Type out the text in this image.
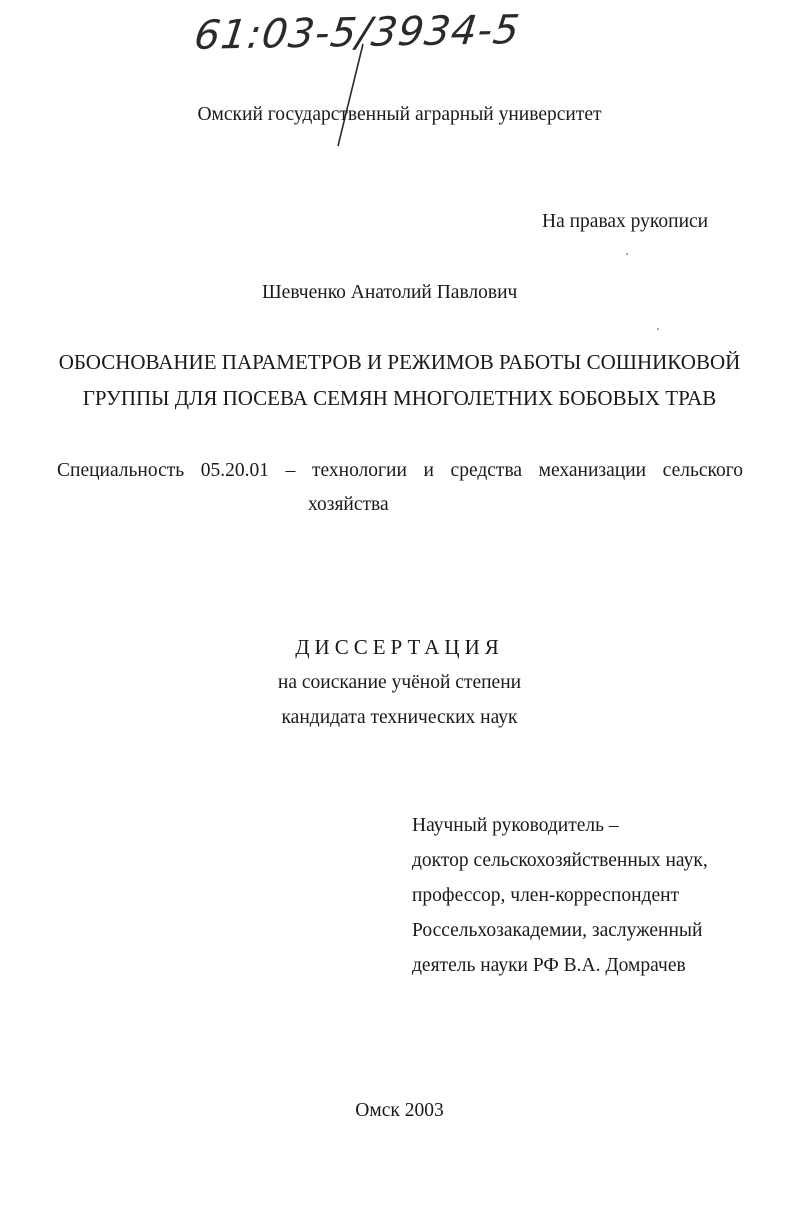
61:03-5/3934-5
Омский государственный аграрный университет
На правах рукописи
Шевченко Анатолий Павлович
ОБОСНОВАНИЕ ПАРАМЕТРОВ И РЕЖИМОВ РАБОТЫ СОШНИКОВОЙ
ГРУППЫ ДЛЯ ПОСЕВА СЕМЯН МНОГОЛЕТНИХ БОБОВЫХ ТРАВ
Специальность 05.20.01 – технологии и средства механизации сельского
хозяйства
ДИССЕРТАЦИЯ
на соискание учёной степени
кандидата технических наук
Научный руководитель –
доктор сельскохозяйственных наук,
профессор, член-корреспондент
Россельхозакадемии, заслуженный
деятель науки РФ В.А. Домрачев
Омск 2003
